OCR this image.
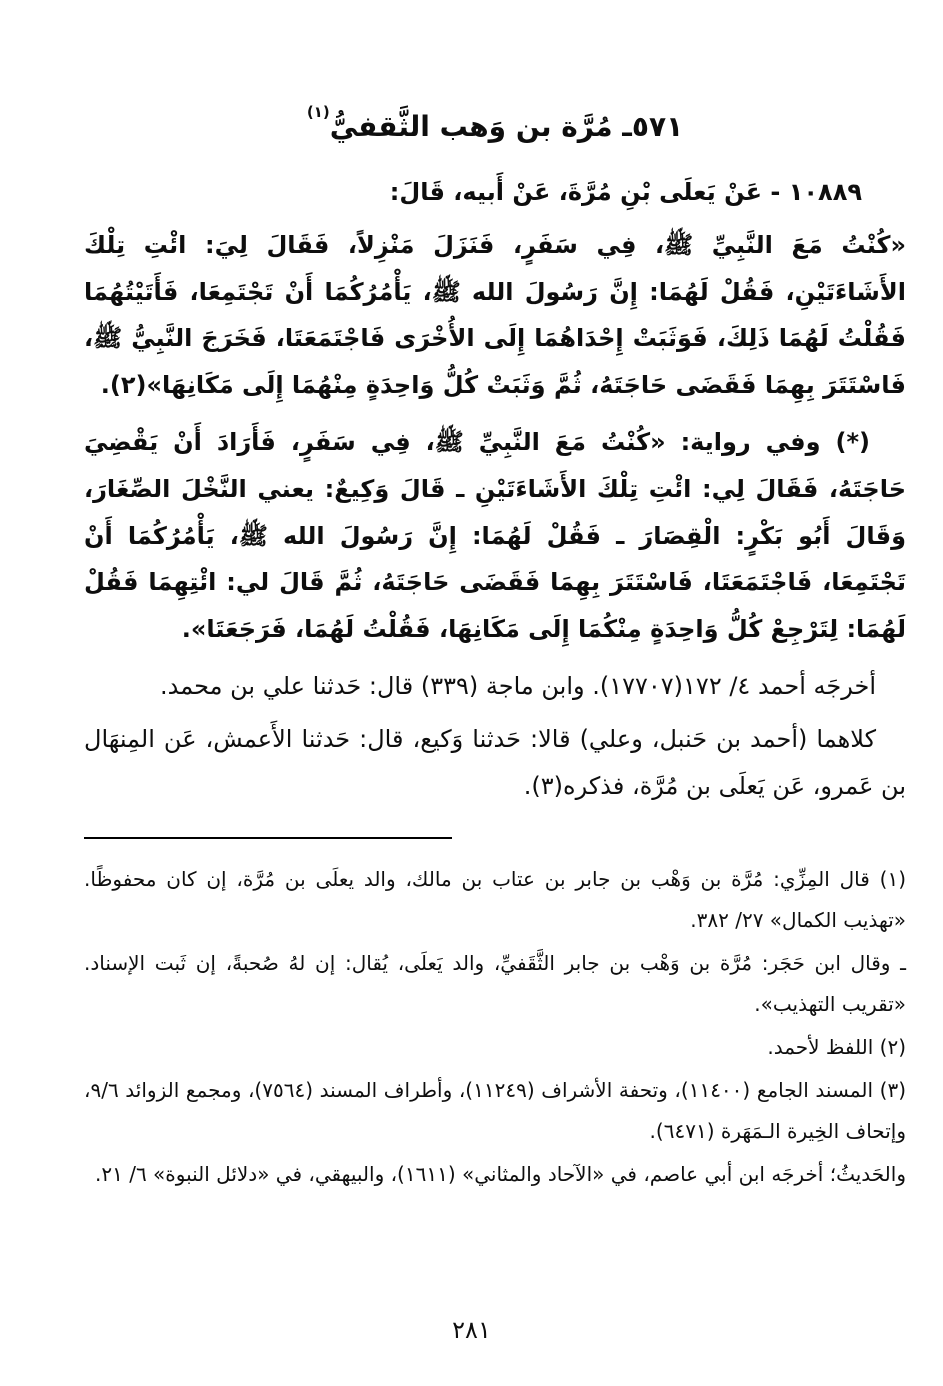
٥٧١ـ مُرَّة بن وَهب الثَّقفيُّ$^{(١)}$

١٠٨٨٩ - عَنْ يَعلَى بْنِ مُرَّةَ، عَنْ أَبيه، قَالَ:

«كُنْتُ مَعَ النَّبِيِّ ﷺ، فِي سَفَرٍ، فَنَزَلَ مَنْزِلاً، فَقَالَ لِيَ: ائْتِ تِلْكَ الأَشَاءَتَيْنِ، فَقُلْ لَهُمَا: إِنَّ رَسُولَ الله ﷺ، يَأْمُرُكُمَا أَنْ تَجْتَمِعَا، فَأَتَيْتُهُمَا فَقُلْتُ لَهُمَا ذَلِكَ، فَوَثَبَتْ إِحْدَاهُمَا إِلَى الأُخْرَى فَاجْتَمَعَتَا، فَخَرَجَ النَّبِيُّ ﷺ، فَاسْتَتَرَ بِهِمَا فَقَضَى حَاجَتَهُ، ثُمَّ وَثَبَتْ كُلُّ وَاحِدَةٍ مِنْهُمَا إِلَى مَكَانِهَا»(٢).

(*) وفي رواية: «كُنْتُ مَعَ النَّبِيِّ ﷺ، فِي سَفَرٍ، فَأَرَادَ أَنْ يَقْضِيَ حَاجَتَهُ، فَقَالَ لِي: ائْتِ تِلْكَ الأَشَاءَتَيْنِ ـ قَالَ وَكِيعٌ: يعني النَّخْلَ الصِّغَارَ، وَقَالَ أَبُو بَكْرٍ: الْقِصَارَ ـ فَقُلْ لَهُمَا: إِنَّ رَسُولَ الله ﷺ، يَأْمُرُكُمَا أَنْ تَجْتَمِعَا، فَاجْتَمَعَتَا، فَاسْتَتَرَ بِهِمَا فَقَضَى حَاجَتَهُ، ثُمَّ قَالَ لي: ائْتِهِمَا فَقُلْ لَهُمَا: لِتَرْجِعْ كُلُّ وَاحِدَةٍ مِنْكُمَا إِلَى مَكَانِهَا، فَقُلْتُ لَهُمَا، فَرَجَعَتَا».

أخرجَه أحمد ٤/ ١٧٢(١٧٧٠٧). وابن ماجة (٣٣٩) قال: حَدثنا علي بن محمد.

كلاهما (أحمد بن حَنبل، وعلي) قالا: حَدثنا وَكيع، قال: حَدثنا الأَعمش، عَن المِنهَال بن عَمرو، عَن يَعلَى بن مُرَّة، فذكره(٣).

(١) قال المِزِّي: مُرَّة بن وَهْب بن جابر بن عتاب بن مالك، والد يعلَى بن مُرَّة، إن كان محفوظًا. «تهذيب الكمال» ٢٧/ ٣٨٢.

ـ وقال ابن حَجَر: مُرَّة بن وَهْب بن جابر الثَّقَفيِّ، والد يَعلَى، يُقال: إن لهُ صُحبةً، إن ثَبت الإسناد. «تقريب التهذيب».

(٢) اللفظ لأحمد.

(٣) المسند الجامع (١١٤٠٠)، وتحفة الأشراف (١١٢٤٩)، وأطراف المسند (٧٥٦٤)، ومجمع الزوائد ٩/٦، وإتحاف الخِيرة الـمَهَرة (٦٤٧١).

والحَديثُ؛ أخرجَه ابن أبي عاصم، في «الآحاد والمثاني» (١٦١١)، والبيهقي، في «دلائل النبوة» ٦/ ٢١.

٢٨١
